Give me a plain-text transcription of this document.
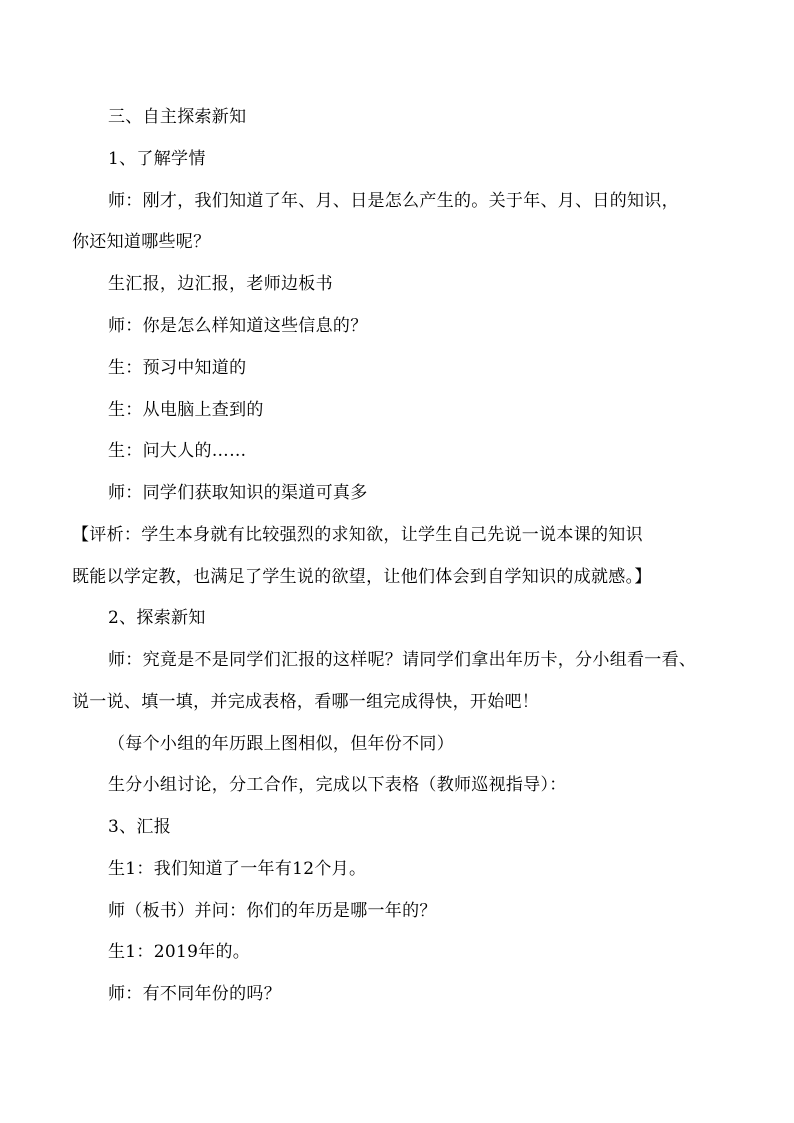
三、自主探索新知
1、了解学情
师：刚才，我们知道了年、月、日是怎么产生的。关于年、月、日的知识，
你还知道哪些呢？
生汇报，边汇报，老师边板书
师：你是怎么样知道这些信息的？
生：预习中知道的
生：从电脑上查到的
生：问大人的……
师：同学们获取知识的渠道可真多
【评析：学生本身就有比较强烈的求知欲，让学生自己先说一说本课的知识
既能以学定教，也满足了学生说的欲望，让他们体会到自学知识的成就感。】
2、探索新知
师：究竟是不是同学们汇报的这样呢？请同学们拿出年历卡，分小组看一看、
说一说、填一填，并完成表格，看哪一组完成得快，开始吧！
（每个小组的年历跟上图相似，但年份不同）
生分小组讨论，分工合作，完成以下表格（教师巡视指导）：
3、汇报
生1：我们知道了一年有12个月。
师（板书）并问：你们的年历是哪一年的？
生1：2019年的。
师：有不同年份的吗？
